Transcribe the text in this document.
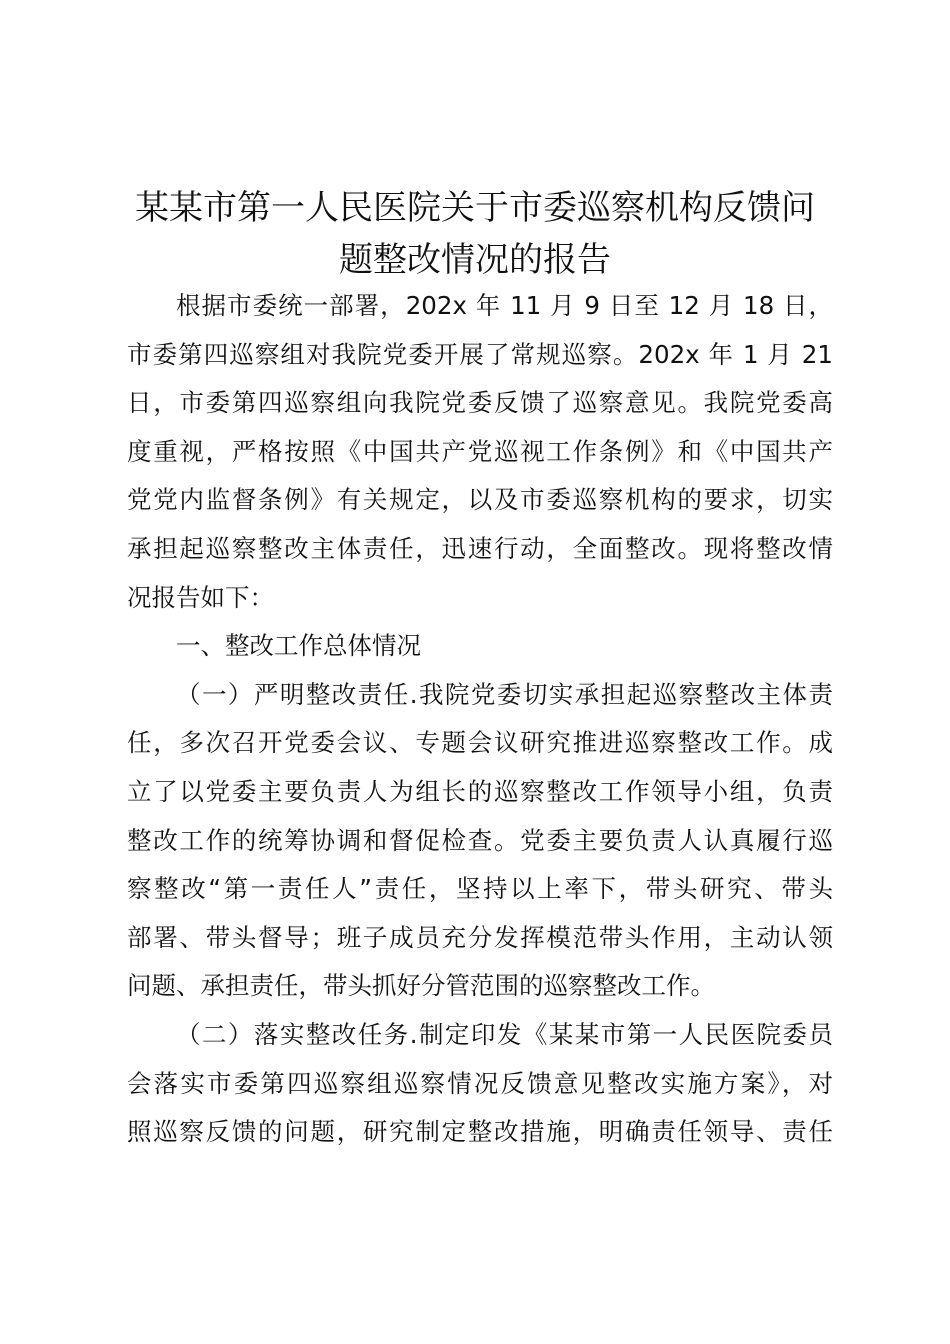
某某市第一人民医院关于市委巡察机构反馈问
题整改情况的报告

根据市委统一部署，202x 年 11 月 9 日至 12 月 18 日，
市委第四巡察组对我院党委开展了常规巡察。202x 年 1 月 21
日，市委第四巡察组向我院党委反馈了巡察意见。我院党委高
度重视，严格按照《中国共产党巡视工作条例》和《中国共产
党党内监督条例》有关规定，以及市委巡察机构的要求，切实
承担起巡察整改主体责任，迅速行动，全面整改。现将整改情
况报告如下：

一、整改工作总体情况

（一）严明整改责任.我院党委切实承担起巡察整改主体责
任，多次召开党委会议、专题会议研究推进巡察整改工作。成
立了以党委主要负责人为组长的巡察整改工作领导小组，负责
整改工作的统筹协调和督促检查。党委主要负责人认真履行巡
察整改“第一责任人”责任，坚持以上率下，带头研究、带头
部署、带头督导；班子成员充分发挥模范带头作用，主动认领
问题、承担责任，带头抓好分管范围的巡察整改工作。

（二）落实整改任务.制定印发《某某市第一人民医院委员
会落实市委第四巡察组巡察情况反馈意见整改实施方案》，对
照巡察反馈的问题，研究制定整改措施，明确责任领导、责任
